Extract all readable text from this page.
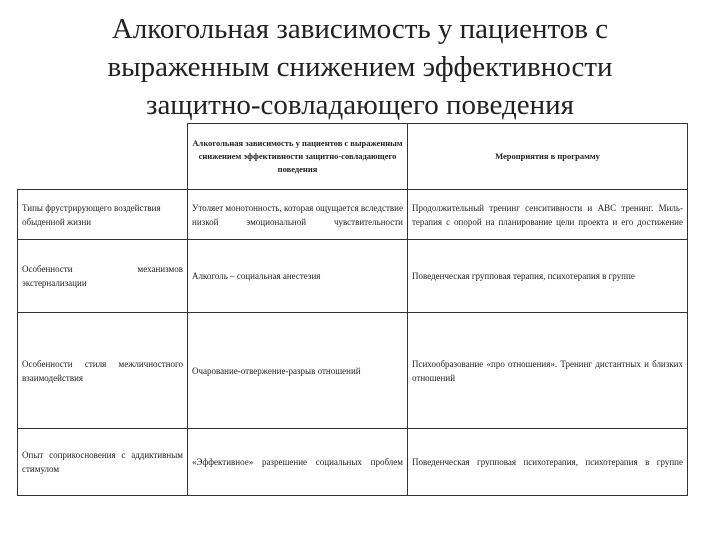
Алкогольная зависимость у пациентов с
выраженным снижением эффективности
защитно-совладающего поведения
	Алкогольная зависимость у пациентов с выраженным снижением эффективности защитно-совладающего поведения	Мероприятия в программу
Типы фрустрирующего воздействия обыденной жизни	Утоляет монотонность, которая ощущается вследствие низкой эмоциональной чувствительности	Продолжительный тренинг сенситивности и ABC тренинг. Миль-терапия с опорой на планирование цели проекта и его достижение
Особенности механизмов экстернализации	Алкоголь – социальная анестезия	Поведенческая групповая терапия, психотерапия в группе
Особенности стиля межличностного взаимодействия	Очарование-отвержение-разрыв отношений	Психообразование «про отношения». Тренинг дистантных и близких отношений
Опыт соприкосновения с аддиктивным стимулом	«Эффективное» разрешение социальных проблем	Поведенческая групповая психотерапия, психотерапия в группе
